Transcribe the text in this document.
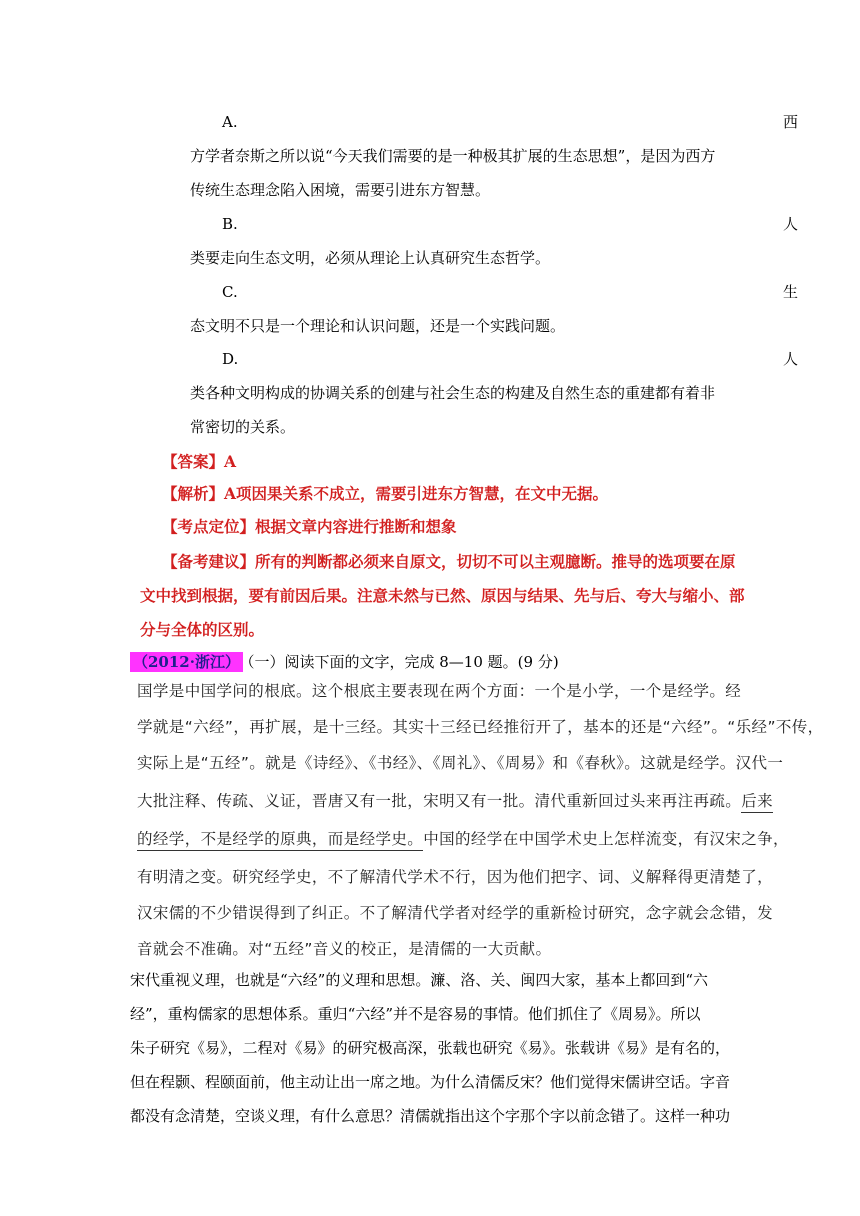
A.	西
方学者奈斯之所以说“今天我们需要的是一种极其扩展的生态思想”，是因为西方
传统生态理念陷入困境，需要引进东方智慧。
B.	人
类要走向生态文明，必须从理论上认真研究生态哲学。
C.	生
态文明不只是一个理论和认识问题，还是一个实践问题。
D.	人
类各种文明构成的协调关系的创建与社会生态的构建及自然生态的重建都有着非
常密切的关系。
【答案】A
【解析】A项因果关系不成立，需要引进东方智慧，在文中无据。
【考点定位】根据文章内容进行推断和想象
【备考建议】所有的判断都必须来自原文，切切不可以主观臆断。推导的选项要在原
文中找到根据，要有前因后果。注意未然与已然、原因与结果、先与后、夸大与缩小、部
分与全体的区别。
（2012·浙江） （一）阅读下面的文字，完成 8—10 题。(9 分)
国学是中国学问的根底。这个根底主要表现在两个方面：一个是小学，一个是经学。经
学就是“六经”，再扩展，是十三经。其实十三经已经推衍开了，基本的还是“六经”。“乐经”不传，
实际上是“五经”。就是《诗经》、《书经》、《周礼》、《周易》和《春秋》。这就是经学。汉代一
大批注释、传疏、义证，晋唐又有一批，宋明又有一批。清代重新回过头来再注再疏。后来
的经学，不是经学的原典，而是经学史。中国的经学在中国学术史上怎样流变，有汉宋之争，
有明清之变。研究经学史，不了解清代学术不行，因为他们把字、词、义解释得更清楚了，
汉宋儒的不少错误得到了纠正。不了解清代学者对经学的重新检讨研究，念字就会念错，发
音就会不准确。对“五经”音义的校正，是清儒的一大贡献。
宋代重视义理，也就是“六经”的义理和思想。濂、洛、关、闽四大家，基本上都回到“六
经”，重构儒家的思想体系。重归“六经”并不是容易的事情。他们抓住了《周易》。所以
朱子研究《易》，二程对《易》的研究极高深，张载也研究《易》。张载讲《易》是有名的，
但在程颢、程颐面前，他主动让出一席之地。为什么清儒反宋？他们觉得宋儒讲空话。字音
都没有念清楚，空谈义理，有什么意思？清儒就指出这个字那个字以前念错了。这样一种功
